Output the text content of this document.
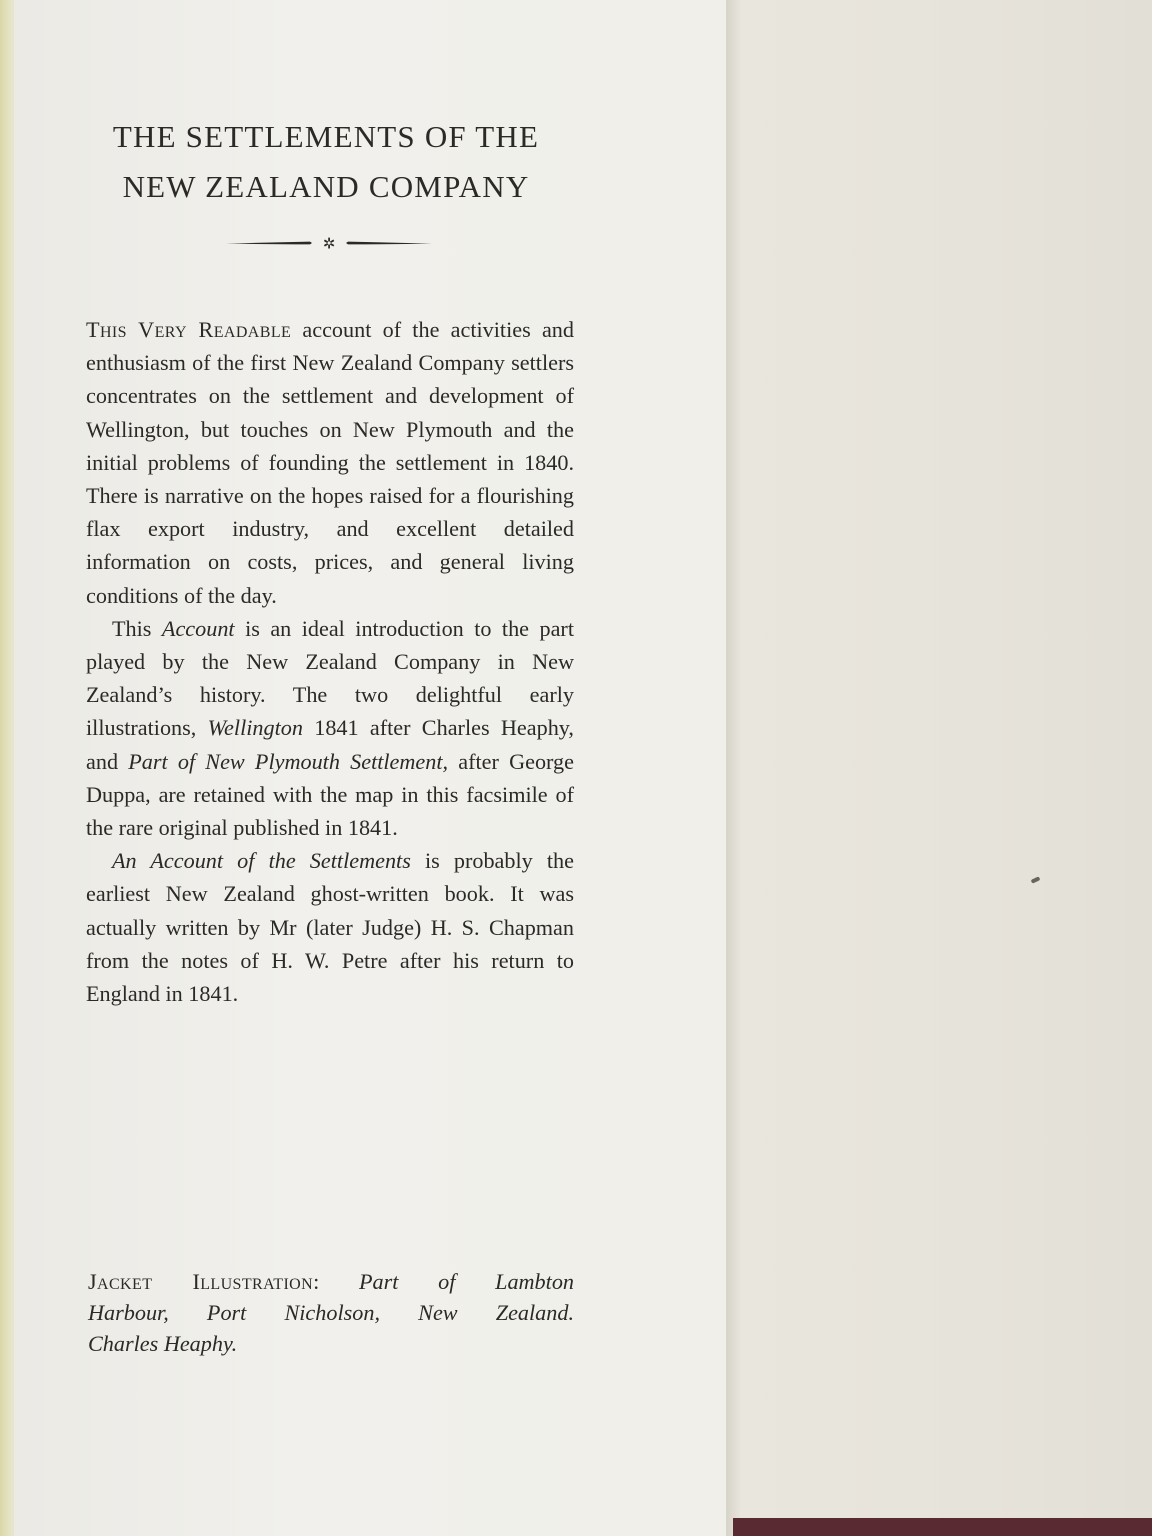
THE SETTLEMENTS OF THE
NEW ZEALAND COMPANY
✲

This Very Readable account of the activities and enthusiasm of the first New Zealand Company settlers concentrates on the settlement and development of Wellington, but touches on New Plymouth and the initial problems of founding the settlement in 1840. There is narrative on the hopes raised for a flourishing flax export industry, and excellent detailed information on costs, prices, and general living conditions of the day.

This Account is an ideal introduction to the part played by the New Zealand Company in New Zealand’s history. The two delightful early illustrations, Wellington 1841 after Charles Heaphy, and Part of New Plymouth Settlement, after George Duppa, are retained with the map in this facsimile of the rare original published in 1841.

An Account of the Settlements is probably the earliest New Zealand ghost-written book. It was actually written by Mr (later Judge) H. S. Chapman from the notes of H. W. Petre after his return to England in 1841.

Jacket Illustration: Part of Lambton
Harbour, Port Nicholson, New Zealand.
Charles Heaphy.
